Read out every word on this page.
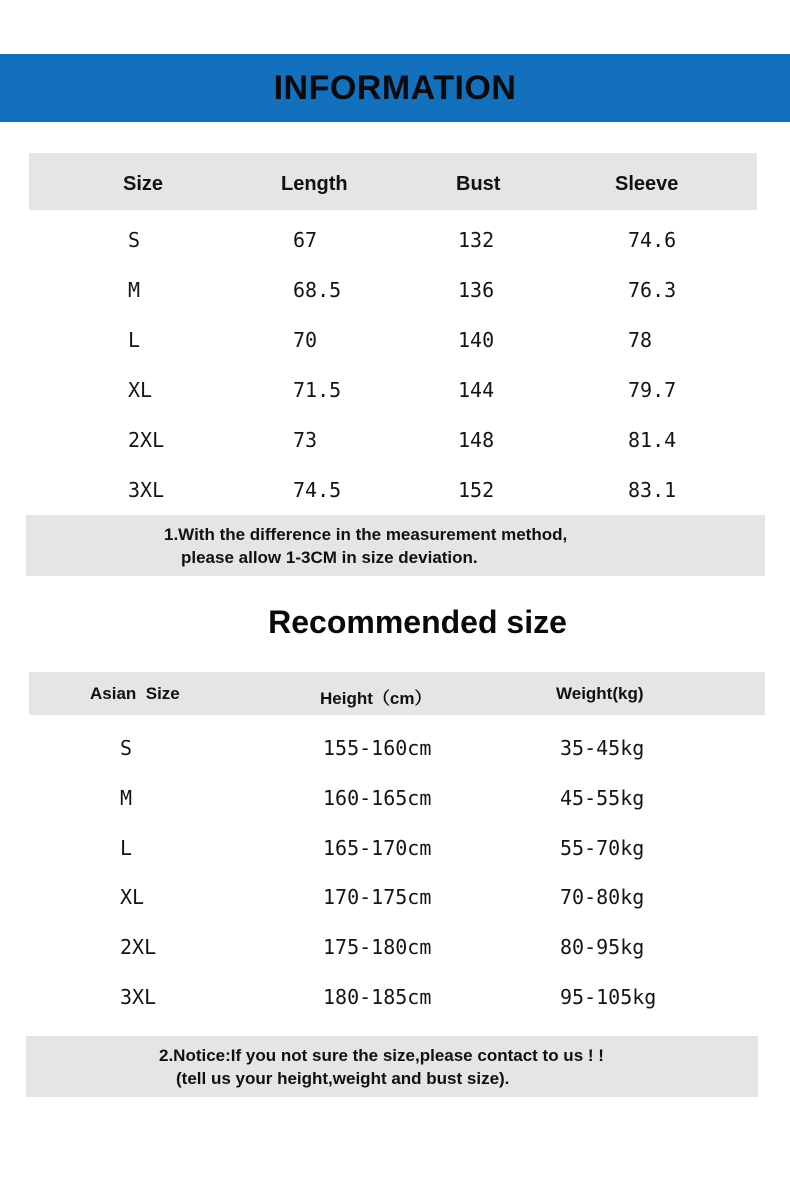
INFORMATION
Size	Length	Bust	Sleeve
S	67	132	74.6
M	68.5	136	76.3
L	70	140	78
XL	71.5	144	79.7
2XL	73	148	81.4
3XL	74.5	152	83.1
1.With the difference in the measurement method,
please allow 1-3CM in size deviation.
Recommended size
Asian  Size	Height（cm）	Weight(kg)
S	155-160cm	35-45kg
M	160-165cm	45-55kg
L	165-170cm	55-70kg
XL	170-175cm	70-80kg
2XL	175-180cm	80-95kg
3XL	180-185cm	95-105kg
2.Notice:If you not sure the size,please contact to us ! !
(tell us your height,weight and bust size).
